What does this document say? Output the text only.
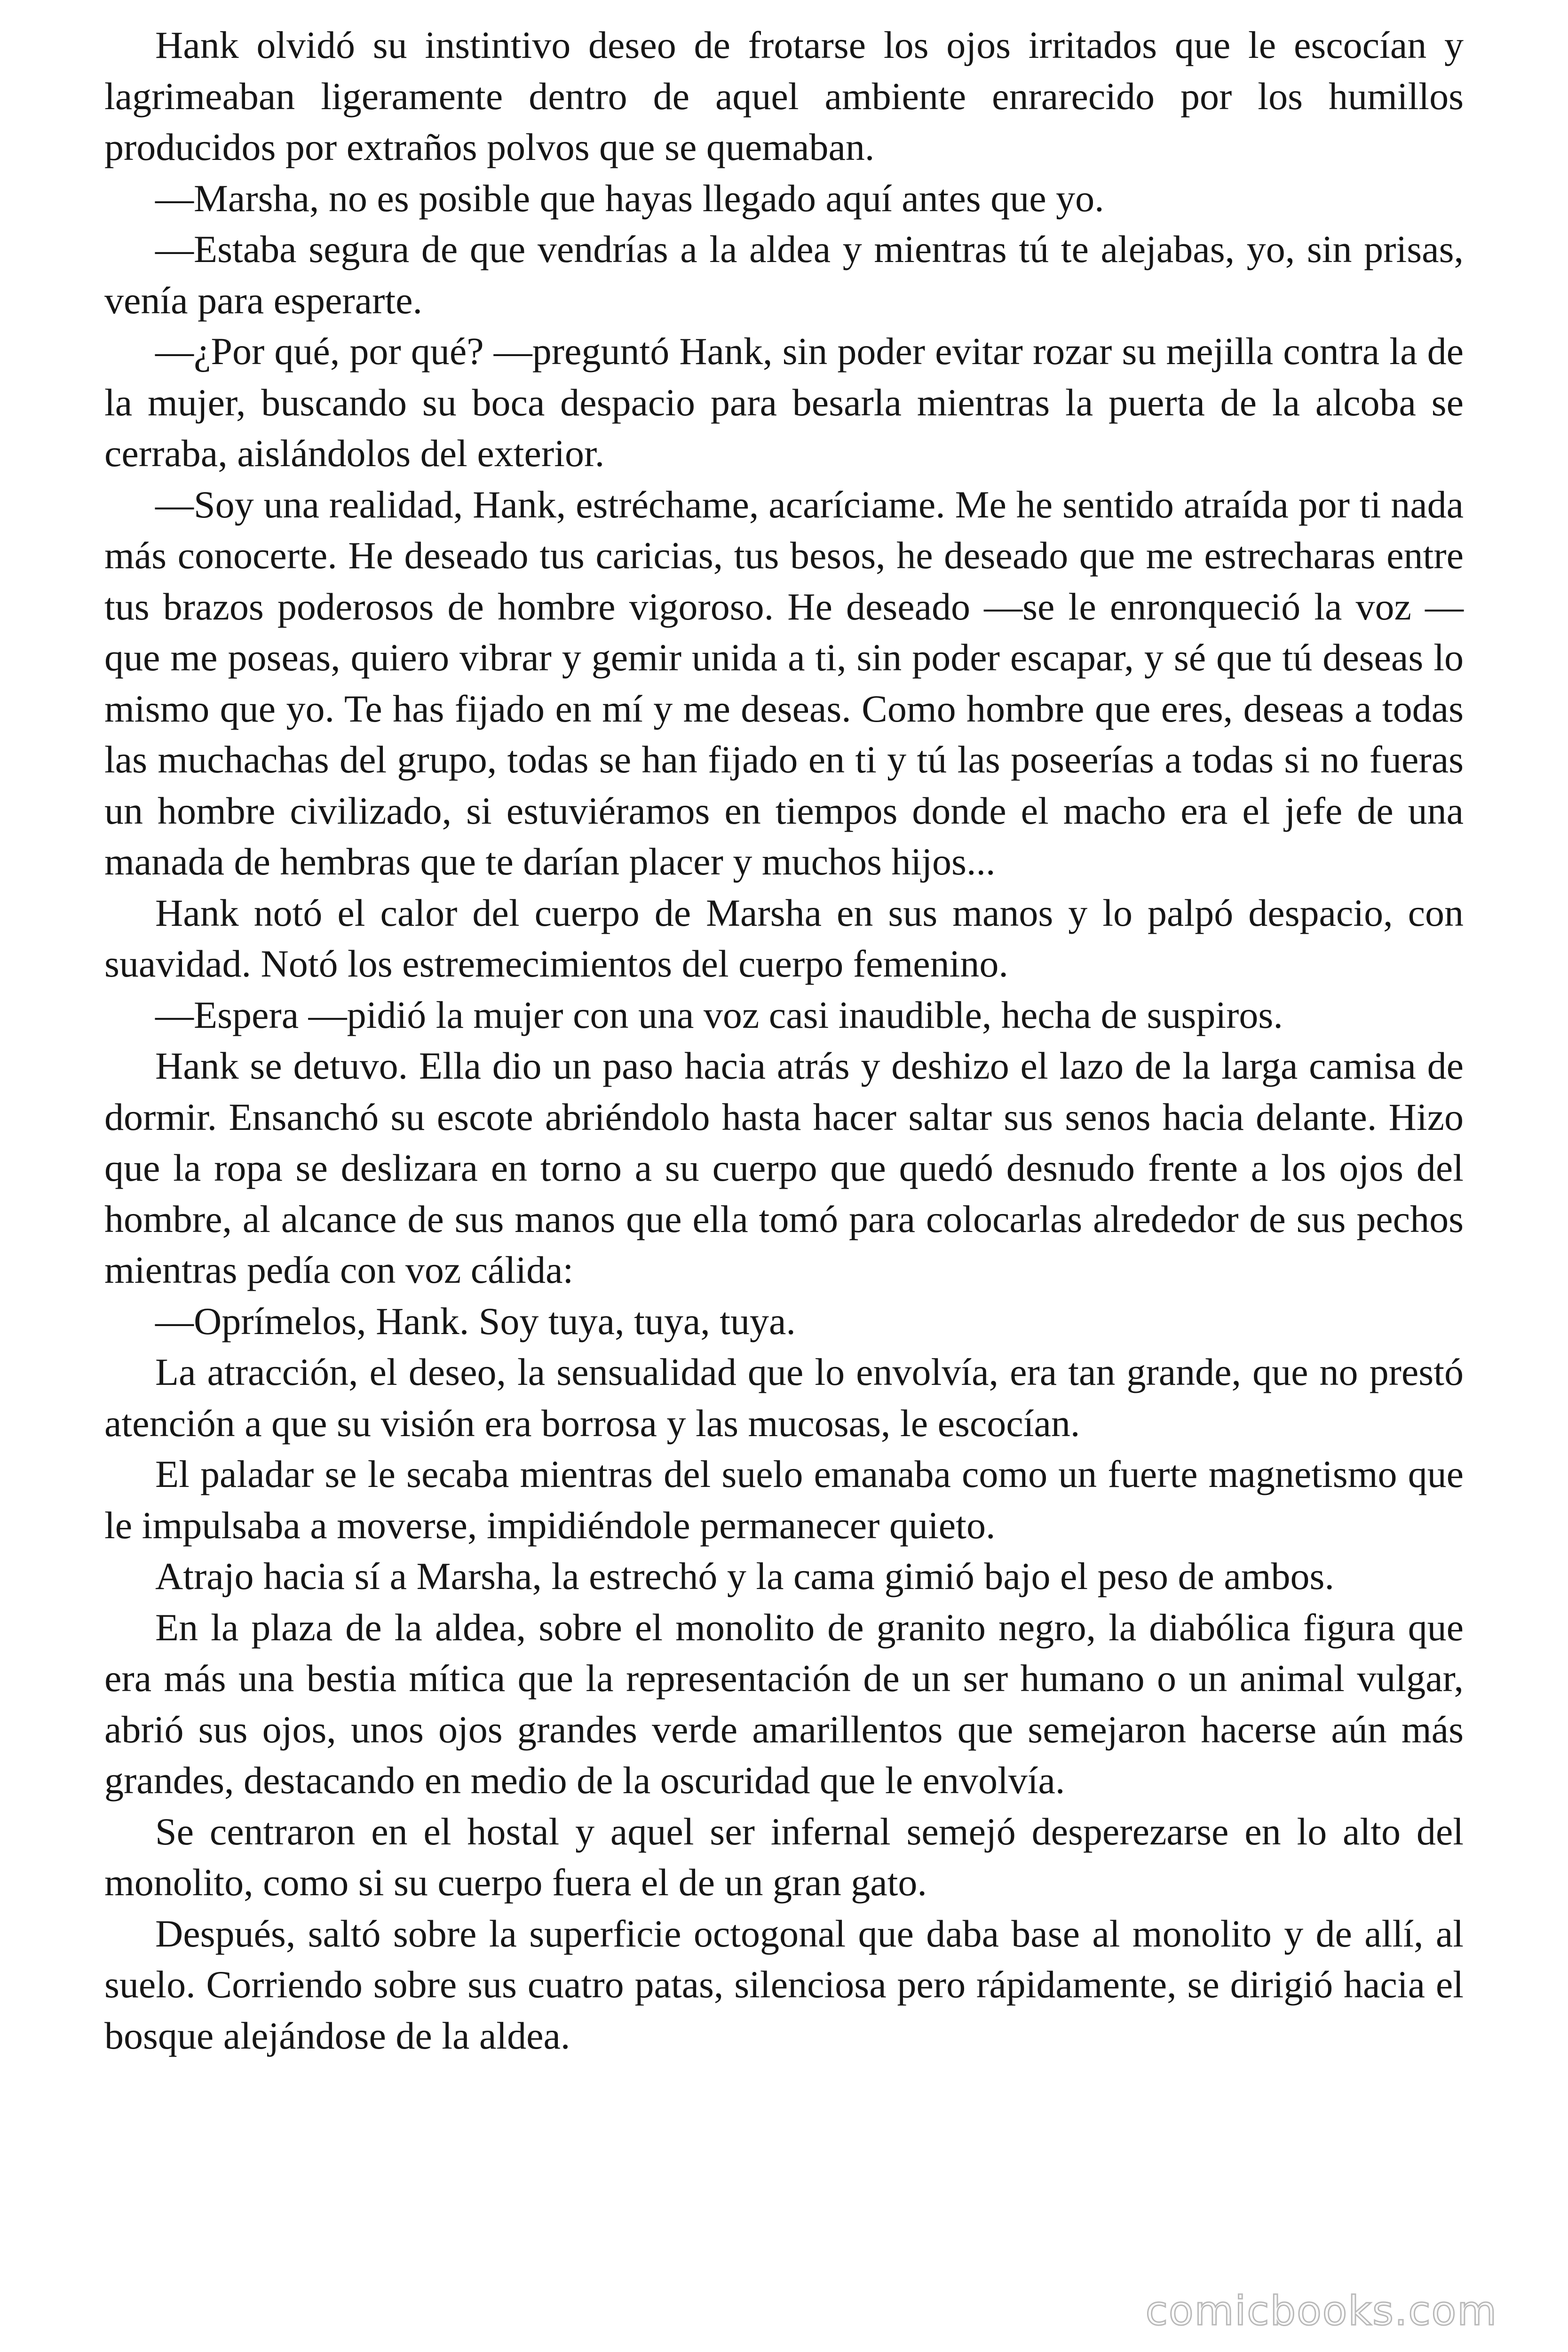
Hank olvidó su instintivo deseo de frotarse los ojos irritados que le escocían y lagrimeaban ligeramente dentro de aquel ambiente enrarecido por los humillos producidos por extraños polvos que se quemaban.

—Marsha, no es posible que hayas llegado aquí antes que yo.

—Estaba segura de que vendrías a la aldea y mientras tú te alejabas, yo, sin prisas, venía para esperarte.

—¿Por qué, por qué? —preguntó Hank, sin poder evitar rozar su mejilla contra la de la mujer, buscando su boca despacio para besarla mientras la puerta de la alcoba se cerraba, aislándolos del exterior.

—Soy una realidad, Hank, estréchame, acaríciame. Me he sentido atraída por ti nada más conocerte. He deseado tus caricias, tus besos, he deseado que me estrecharas entre tus brazos poderosos de hombre vigoroso. He deseado —se le enronqueció la voz —que me poseas, quiero vibrar y gemir unida a ti, sin poder escapar, y sé que tú deseas lo mismo que yo. Te has fijado en mí y me deseas. Como hombre que eres, deseas a todas las muchachas del grupo, todas se han fijado en ti y tú las poseerías a todas si no fueras un hombre civilizado, si estuviéramos en tiempos donde el macho era el jefe de una manada de hembras que te darían placer y muchos hijos...

Hank notó el calor del cuerpo de Marsha en sus manos y lo palpó despacio, con suavidad. Notó los estremecimientos del cuerpo femenino.

—Espera —pidió la mujer con una voz casi inaudible, hecha de suspiros.

Hank se detuvo. Ella dio un paso hacia atrás y deshizo el lazo de la larga camisa de dormir. Ensanchó su escote abriéndolo hasta hacer saltar sus senos hacia delante. Hizo que la ropa se deslizara en torno a su cuerpo que quedó desnudo frente a los ojos del hombre, al alcance de sus manos que ella tomó para colocarlas alrededor de sus pechos mientras pedía con voz cálida:

—Oprímelos, Hank. Soy tuya, tuya, tuya.

La atracción, el deseo, la sensualidad que lo envolvía, era tan grande, que no prestó atención a que su visión era borrosa y las mucosas, le escocían.

El paladar se le secaba mientras del suelo emanaba como un fuerte magnetismo que le impulsaba a moverse, impidiéndole permanecer quieto.

Atrajo hacia sí a Marsha, la estrechó y la cama gimió bajo el peso de ambos.

En la plaza de la aldea, sobre el monolito de granito negro, la diabólica figura que era más una bestia mítica que la representación de un ser humano o un animal vulgar, abrió sus ojos, unos ojos grandes verde amarillentos que semejaron hacerse aún más grandes, destacando en medio de la oscuridad que le envolvía.

Se centraron en el hostal y aquel ser infernal semejó desperezarse en lo alto del monolito, como si su cuerpo fuera el de un gran gato.

Después, saltó sobre la superficie octogonal que daba base al monolito y de allí, al suelo. Corriendo sobre sus cuatro patas, silenciosa pero rápidamente, se dirigió hacia el bosque alejándose de la aldea.

comicbooks.com
